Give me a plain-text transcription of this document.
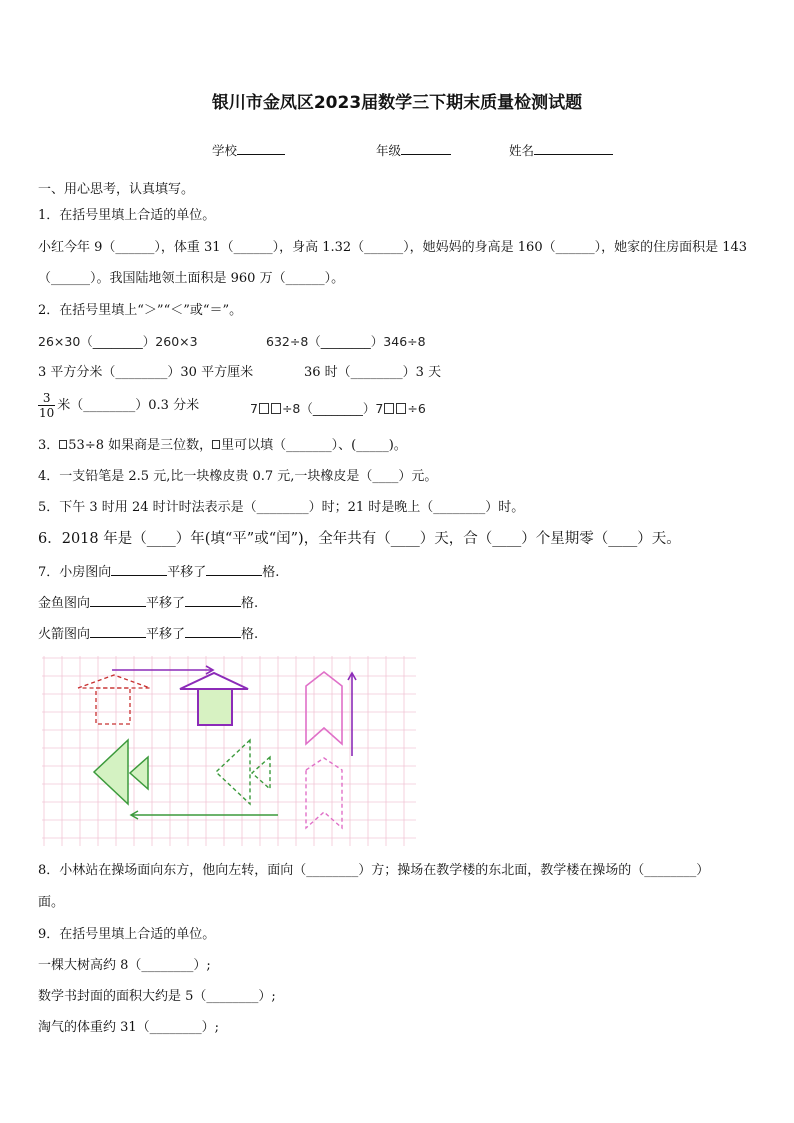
银川市金凤区2023届数学三下期末质量检测试题
学校	年级	姓名
一、用心思考，认真填写。
1．在括号里填上合适的单位。
小红今年 9（______），体重 31（______），身高 1.32（______），她妈妈的身高是 160（______），她家的住房面积是 143
（______）。我国陆地领土面积是 960 万（______）。
2．在括号里填上“＞”“＜”或“＝”。
26×30（________）260×3	632÷8（________）346÷8
3 平方分米（________）30 平方厘米	36 时（________）3 天
$\frac{3}{10}$ 米（________）0.3 分米	7 ÷8（________）7 ÷6
3． 53÷8 如果商是三位数， 里可以填（_______）、(_____)。
4．一支铅笔是 2.5 元,比一块橡皮贵 0.7 元,一块橡皮是（____）元。
5．下午 3 时用 24 时计时法表示是（________）时；21 时是晚上（________）时。
6．2018 年是（____）年(填“平”或“闰”)，全年共有（____）天，合（____）个星期零（____）天。
7．小房图向	平移了	格.
金鱼图向	平移了	格.
火箭图向	平移了	格.
8．小林站在操场面向东方，他向左转，面向（________）方；操场在教学楼的东北面，教学楼在操场的（________）
面。
9．在括号里填上合适的单位。
一棵大树高约 8（________）;
数学书封面的面积大约是 5（________）;
淘气的体重约 31（________）;
